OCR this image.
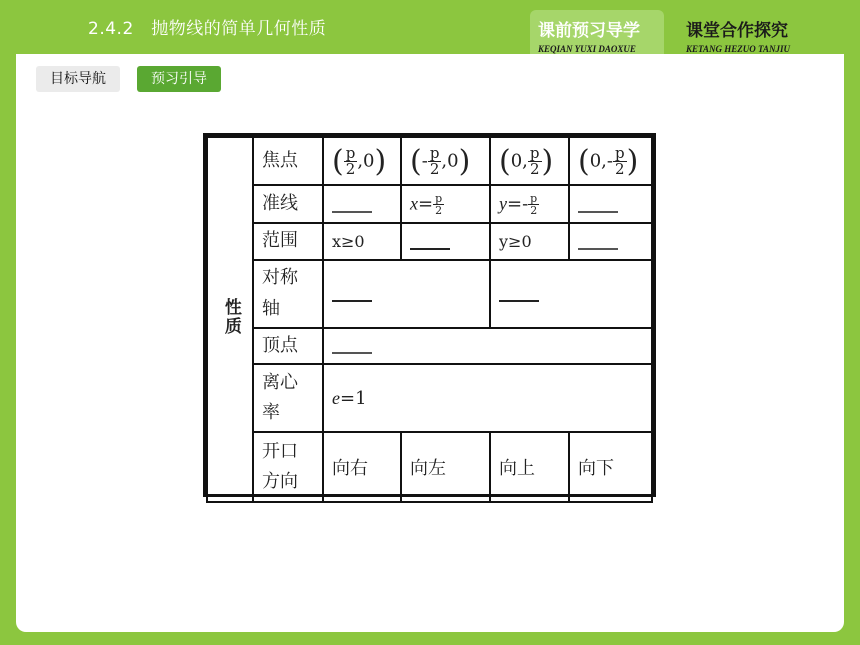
2.4.2　抛物线的简单几何性质	课前预习导学
KEQIAN YUXI DAOXUE
课堂合作探究
KETANG HEZUO TANJIU
目标导航	预习引导
性质	焦点	( $\frac{p}{2} ,0$)	(- $\frac{p}{2} ,0$)	(0, $\frac{p}{2}$ )	($0,- \frac{p}{2}$ )
	准线		$x= \frac{p}{2}$	$y=- \frac{p}{2}$

	范围	x≥0		y≥0	
	对称
轴				
	顶点				
	离心
率	e=1			
	开口
方向	向右	向左	向上	向下
